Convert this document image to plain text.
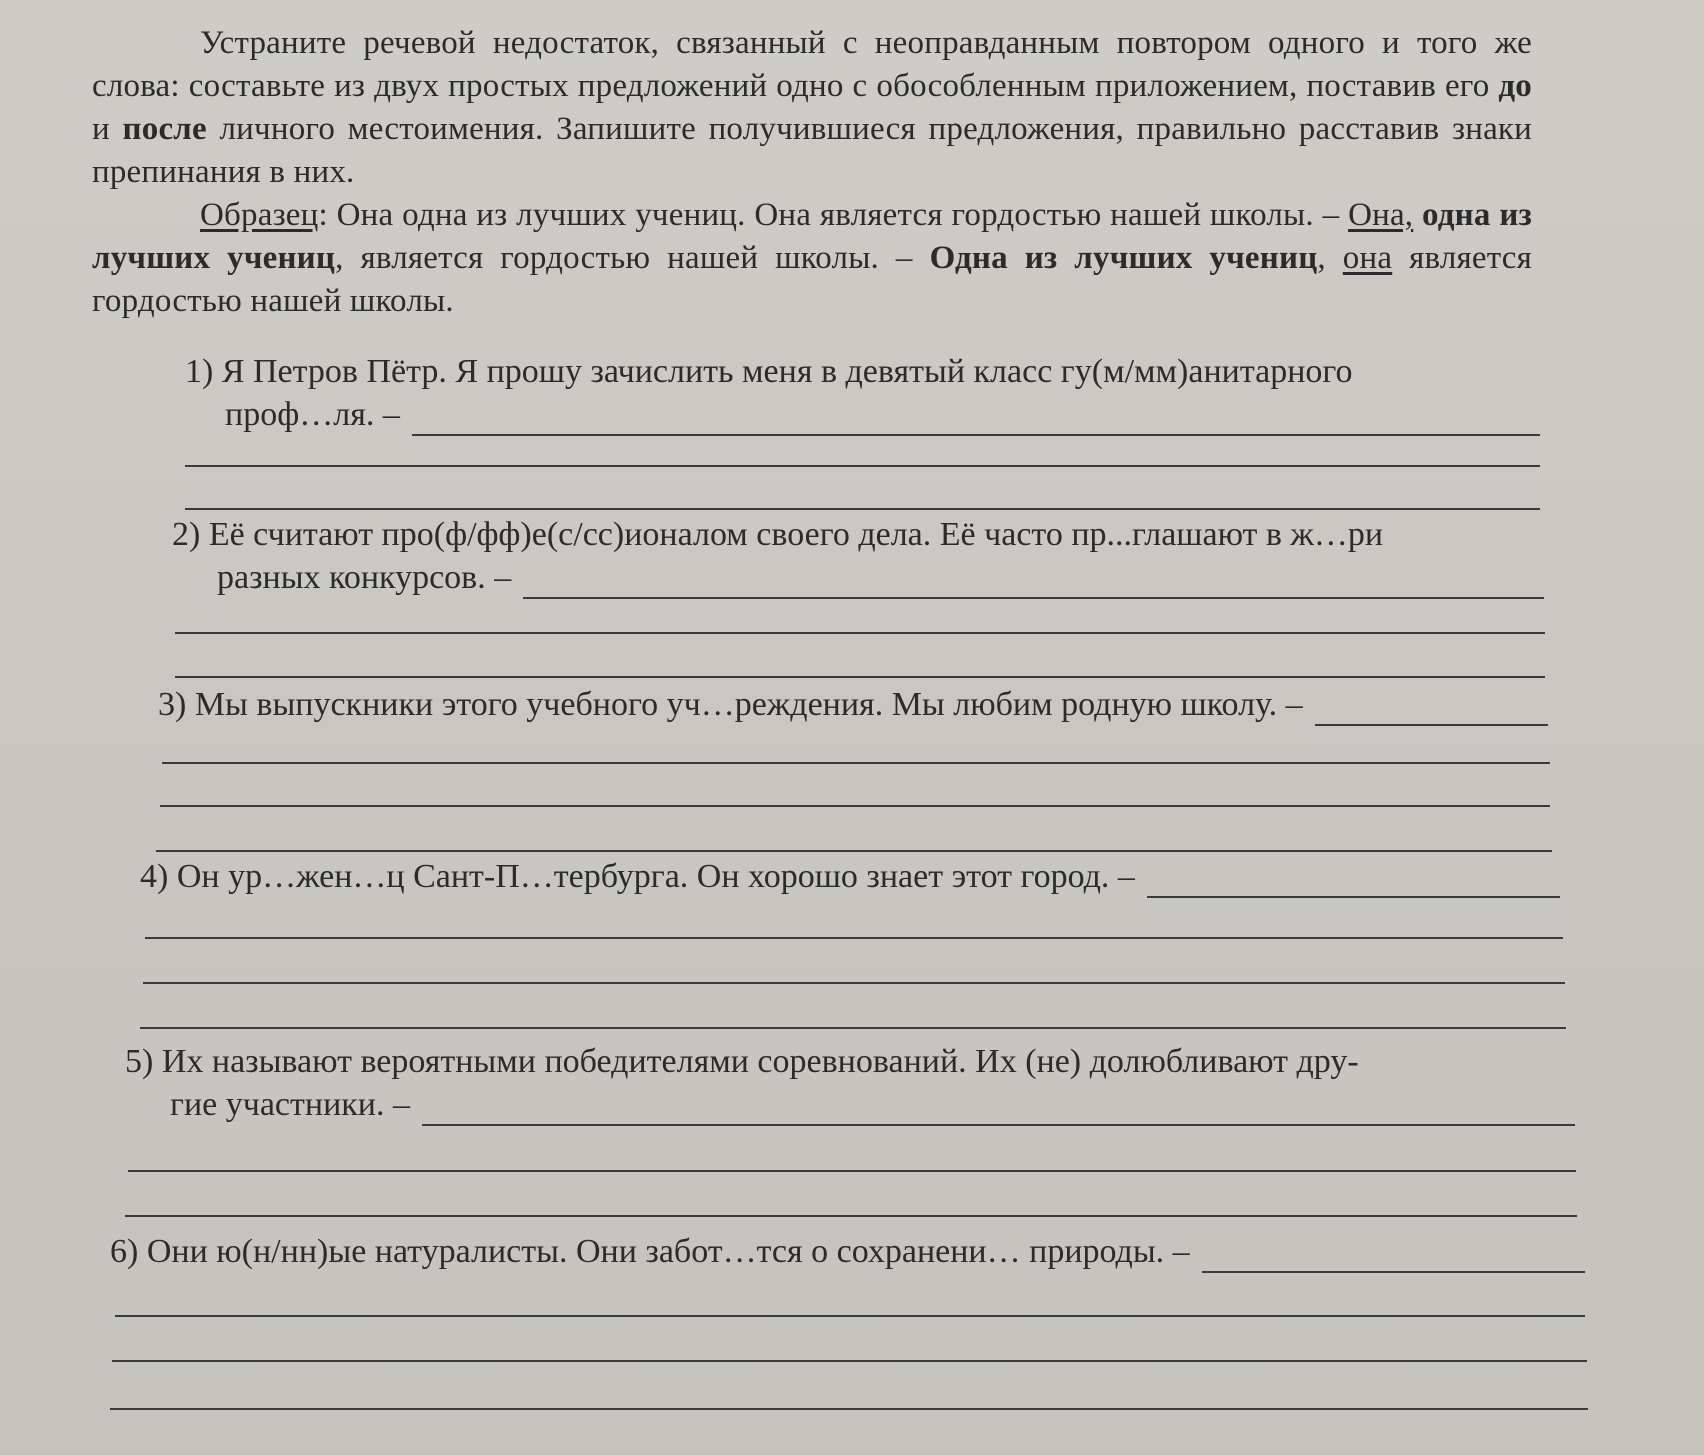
Устраните речевой недостаток, связанный с неоправданным повтором одного и того же слова: составьте из двух простых предложений одно с обособленным приложением, поставив его до и после личного местоимения. Запишите получившиеся предложения, правильно расставив знаки препинания в них.
Образец: Она одна из лучших учениц. Она является гордостью нашей школы. – Она, одна из лучших учениц, является гордостью нашей школы. – Одна из лучших учениц, она является гордостью нашей школы.
1) Я Петров Пётр. Я прошу зачислить меня в девятый класс гу(м/мм)анитарного
проф…ля. –
2) Её считают про(ф/фф)е(с/сс)ионалом своего дела. Её часто пр...глашают в ж…ри
разных конкурсов. –
3) Мы выпускники этого учебного уч…реждения. Мы любим родную школу. –
4) Он ур…жен…ц Сант-П…тербурга. Он хорошо знает этот город. –
5) Их называют вероятными победителями соревнований. Их (не) долюбливают дру-
гие участники. –
6) Они ю(н/нн)ые натуралисты. Они забот…тся о сохранени… природы. –
